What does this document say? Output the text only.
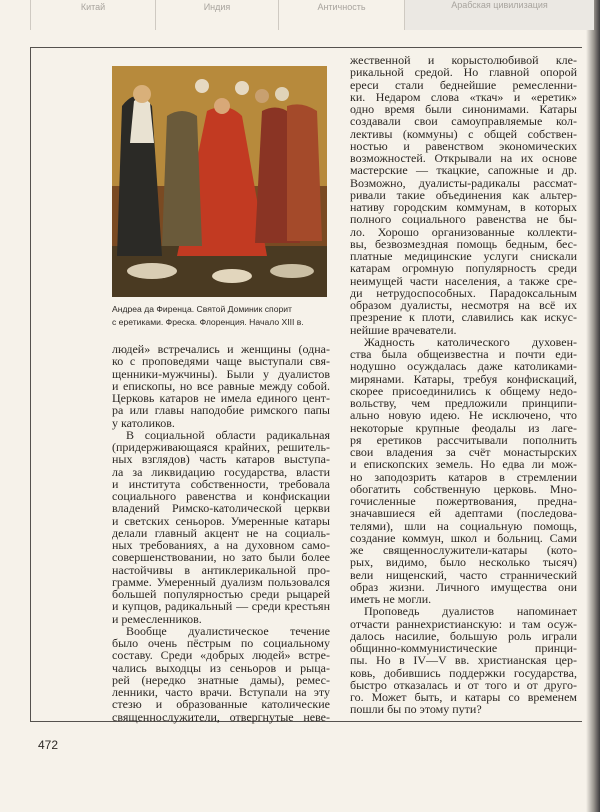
Китай	Индия	Античность	Арабская цивилизация
Андреа да Фиренца. Святой Доминик спорит
с еретиками. Фреска. Флоренция. Начало XIII в.
людей» встречались и женщины (одна-
ко с проповедями чаще выступали свя-
щенники-мужчины). Были у дуалистов
и епископы, но все равные между собой.
Церковь катаров не имела единого цент-
ра или главы наподобие римского папы
у католиков.
В социальной области радикальная
(придерживающаяся крайних, решитель-
ных взглядов) часть катаров выступа-
ла за ликвидацию государства, власти
и института собственности, требовала
социального равенства и конфискации
владений Римско-католической церкви
и светских сеньоров. Умеренные катары
делали главный акцент не на социаль-
ных требованиях, а на духовном само-
совершенствовании, но зато были более
настойчивы в антиклерикальной про-
грамме. Умеренный дуализм пользовался
большей популярностью среди рыцарей
и купцов, радикальный — среди крестьян
и ремесленников.
Вообще дуалистическое течение
было очень пёстрым по социальному
составу. Среди «добрых людей» встре-
чались выходцы из сеньоров и рыца-
рей (нередко знатные дамы), ремес-
ленники, часто врачи. Вступали на эту
стезю и образованные католические
священнослужители, отвергнутые неве-
жественной и корыстолюбивой кле-
рикальной средой. Но главной опорой
ереси стали беднейшие ремесленни-
ки. Недаром слова «ткач» и «еретик»
одно время были синонимами. Катары
создавали свои самоуправляемые кол-
лективы (коммуны) с общей собствен-
ностью и равенством экономических
возможностей. Открывали на их основе
мастерские — ткацкие, сапожные и др.
Возможно, дуалисты-радикалы рассмат-
ривали такие объединения как альтер-
нативу городским коммунам, в которых
полного социального равенства не бы-
ло. Хорошо организованные коллекти-
вы, безвозмездная помощь бедным, бес-
платные медицинские услуги снискали
катарам огромную популярность среди
неимущей части населения, а также сре-
ди нетрудоспособных. Парадоксальным
образом дуалисты, несмотря на всё их
презрение к плоти, славились как искус-
нейшие врачеватели.
Жадность католического духовен-
ства была общеизвестна и почти еди-
нодушно осуждалась даже католиками-
мирянами. Катары, требуя конфискаций,
скорее присоединились к общему недо-
вольству, чем предложили принципи-
ально новую идею. Не исключено, что
некоторые крупные феодалы из лаге-
ря еретиков рассчитывали пополнить
свои владения за счёт монастырских
и епископских земель. Но едва ли мож-
но заподозрить катаров в стремлении
обогатить собственную церковь. Мно-
гочисленные пожертвования, предна-
значавшиеся ей адептами (последова-
телями), шли на социальную помощь,
создание коммун, школ и больниц. Сами
же священнослужители-катары (кото-
рых, видимо, было несколько тысяч)
вели нищенский, часто страннический
образ жизни. Личного имущества они
иметь не могли.
Проповедь дуалистов напоминает
отчасти раннехристианскую: и там осуж-
далось насилие, большую роль играли
общинно-коммунистические принци-
пы. Но в IV—V вв. христианская цер-
ковь, добившись поддержки государства,
быстро отказалась и от того и от друго-
го. Может быть, и катары со временем
пошли бы по этому пути?
472
